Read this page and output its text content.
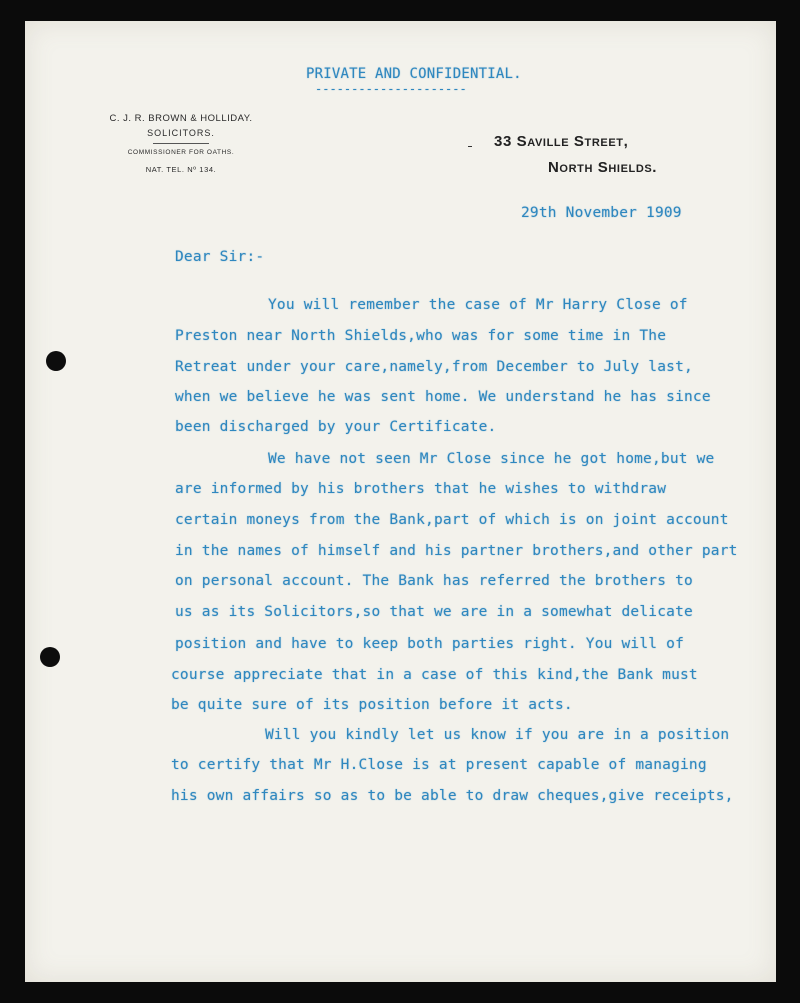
PRIVATE AND CONFIDENTIAL.
---------------------
C. J. R. BROWN & HOLLIDAY.
SOLICITORS.
COMMISSIONER FOR OATHS.
NAT. TEL. Nº 134.
33 Saville Street,
North Shields.
29th November 1909
Dear Sir:-
You will remember the case of Mr Harry Close of
Preston near North Shields,who was for some time in The
Retreat under your care,namely,from December to July last,
when we believe he was sent home. We understand he has since
been discharged by your Certificate.
We have not seen Mr Close since he got home,but we
are informed by his brothers that he wishes to withdraw
certain moneys from the Bank,part of which is on joint account
in the names of himself and his partner brothers,and other part
on personal account. The Bank has referred the brothers to
us as its Solicitors,so that we are in a somewhat delicate
position and have to keep both parties right. You will of
course appreciate that in a case of this kind,the Bank must
be quite sure of its position before it acts.
Will you kindly let us know if you are in a position
to certify that Mr H.Close is at present capable of managing
his own affairs so as to be able to draw cheques,give receipts,
